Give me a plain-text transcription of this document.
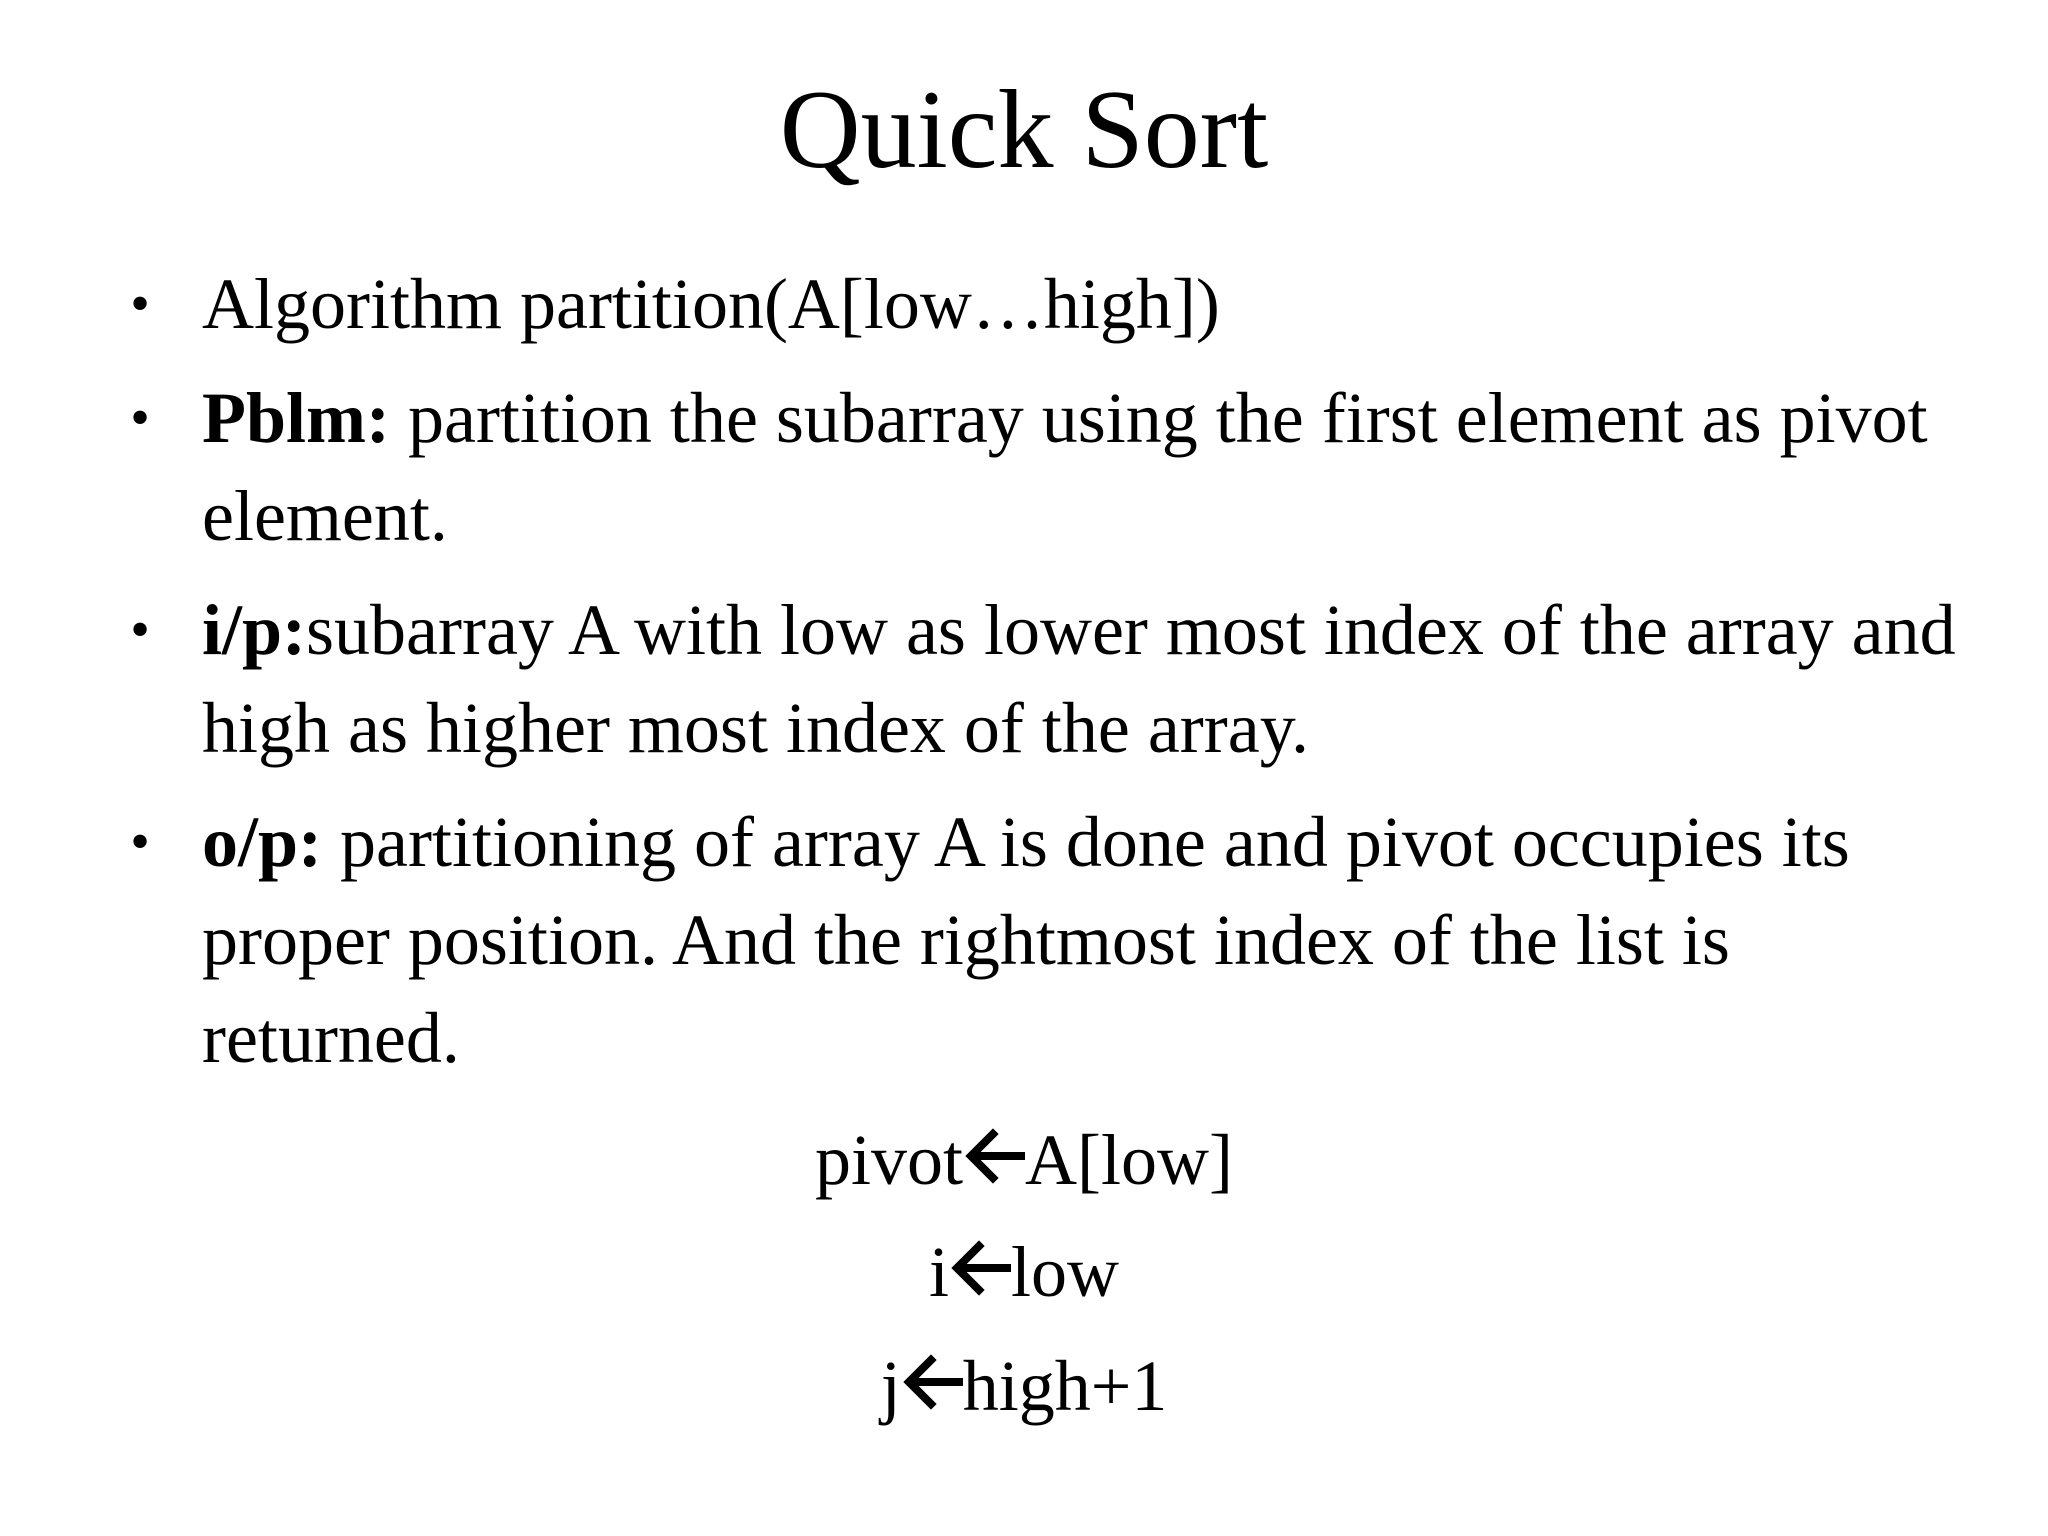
Quick Sort
• Algorithm partition(A[low…high])
• Pblm: partition the subarray using the first element as pivot element.
• i/p:subarray A with low as lower most index of the array and high as higher most index of the array.
• o/p: partitioning of array A is done and pivot occupies its proper position. And the rightmost index of the list is returned.
pivot A[low]
i low
j high+1
